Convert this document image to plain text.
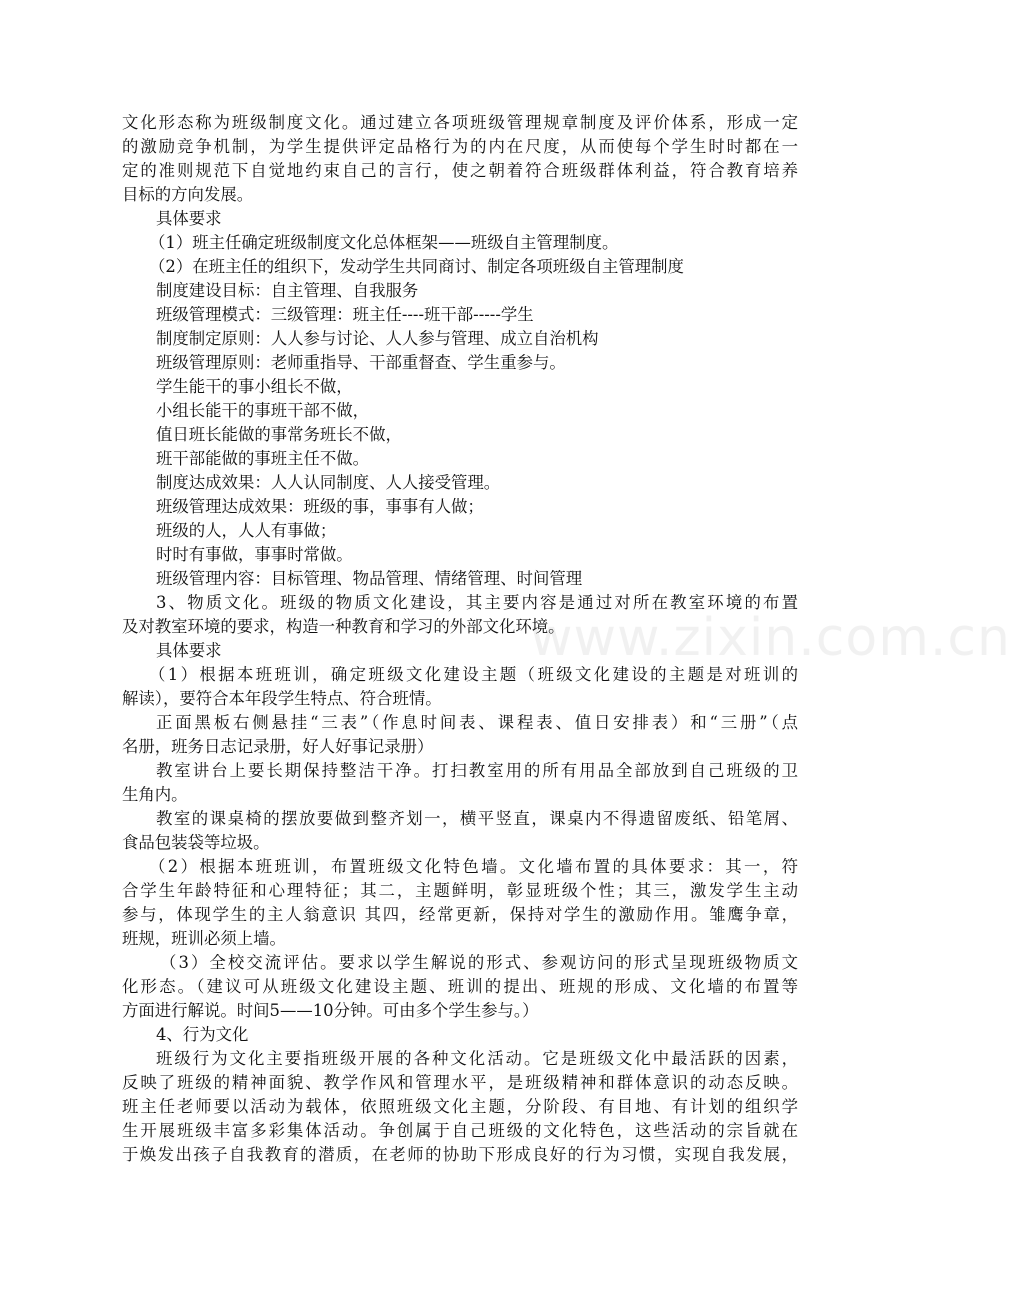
www.zixin.com.cn
文化形态称为班级制度文化。通过建立各项班级管理规章制度及评价体系，形成一定
的激励竞争机制，为学生提供评定品格行为的内在尺度，从而使每个学生时时都在一
定的准则规范下自觉地约束自己的言行，使之朝着符合班级群体利益，符合教育培养
目标的方向发展。
具体要求
（1）班主任确定班级制度文化总体框架——班级自主管理制度。
（2）在班主任的组织下，发动学生共同商讨、制定各项班级自主管理制度
制度建设目标：自主管理、自我服务
班级管理模式：三级管理：班主任----班干部-----学生
制度制定原则：人人参与讨论、人人参与管理、成立自治机构
班级管理原则：老师重指导、干部重督查、学生重参与。
学生能干的事小组长不做，
小组长能干的事班干部不做，
值日班长能做的事常务班长不做，
班干部能做的事班主任不做。
制度达成效果：人人认同制度、人人接受管理。
班级管理达成效果：班级的事，事事有人做；
班级的人，人人有事做；
时时有事做，事事时常做。
班级管理内容：目标管理、物品管理、情绪管理、时间管理
3、物质文化。班级的物质文化建设，其主要内容是通过对所在教室环境的布置
及对教室环境的要求，构造一种教育和学习的外部文化环境。
具体要求
（1）根据本班班训，确定班级文化建设主题（班级文化建设的主题是对班训的
解读），要符合本年段学生特点、符合班情。
正面黑板右侧悬挂“三表”（作息时间表、课程表、值日安排表）和“三册”（点
名册，班务日志记录册，好人好事记录册）
教室讲台上要长期保持整洁干净。打扫教室用的所有用品全部放到自己班级的卫
生角内。
教室的课桌椅的摆放要做到整齐划一，横平竖直，课桌内不得遗留废纸、铅笔屑、
食品包装袋等垃圾。
（2）根据本班班训，布置班级文化特色墙。文化墙布置的具体要求：其一，符
合学生年龄特征和心理特征；其二，主题鲜明，彰显班级个性；其三，激发学生主动
参与，体现学生的主人翁意识 其四，经常更新，保持对学生的激励作用。雏鹰争章，
班规，班训必须上墙。
（3）全校交流评估。要求以学生解说的形式、参观访问的形式呈现班级物质文
化形态。（建议可从班级文化建设主题、班训的提出、班规的形成、文化墙的布置等
方面进行解说。时间5——10分钟。可由多个学生参与。）
4、行为文化
班级行为文化主要指班级开展的各种文化活动。它是班级文化中最活跃的因素，
反映了班级的精神面貌、教学作风和管理水平，是班级精神和群体意识的动态反映。
班主任老师要以活动为载体，依照班级文化主题，分阶段、有目地、有计划的组织学
生开展班级丰富多彩集体活动。争创属于自己班级的文化特色，这些活动的宗旨就在
于焕发出孩子自我教育的潜质，在老师的协助下形成良好的行为习惯，实现自我发展，
